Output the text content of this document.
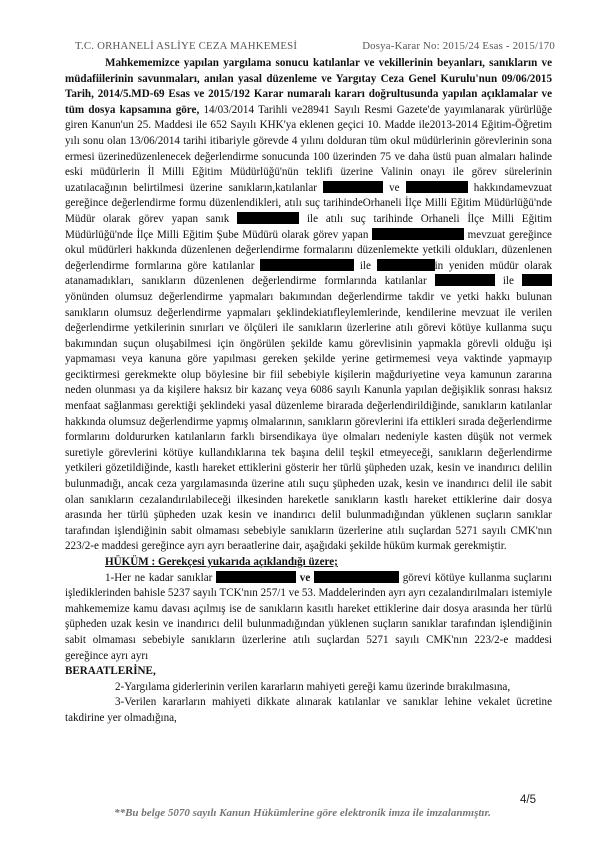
T.C. ORHANELİ ASLİYE CEZA MAHKEMESİ	Dosya-Karar No: 2015/24 Esas - 2015/170

Mahkememizce yapılan yargılama sonucu katılanlar ve vekillerinin beyanları, sanıkların ve müdafiilerinin savunmaları, anılan yasal düzenleme ve Yargıtay Ceza Genel Kurulu'nun 09/06/2015 Tarih, 2014/5.MD-69 Esas ve 2015/192 Karar numaralı kararı doğrultusunda yapılan açıklamalar ve tüm dosya kapsamına göre, 14/03/2014 Tarihli ve28941 Sayılı Resmi Gazete'de yayımlanarak yürürlüğe giren Kanun'un 25. Maddesi ile 652 Sayılı KHK'ya eklenen geçici 10. Madde ile2013-2014 Eğitim-Öğretim yılı sonu olan 13/06/2014 tarihi itibariyle görevde 4 yılını dolduran tüm okul müdürlerinin görevlerinin sona ermesi üzerinedüzenlenecek değerlendirme sonucunda 100 üzerinden 75 ve daha üstü puan almaları halinde eski müdürlerin İl Milli Eğitim Müdürlüğü'nün teklifi üzerine Valinin onayı ile görev sürelerinin uzatılacağının belirtilmesi üzerine sanıkların,katılanlar	ve	hakkındamevzuat gereğince değerlendirme formu düzenlendikleri, atılı suç tarihindeOrhaneli İlçe Milli Eğitim Müdürlüğü'nde Müdür olarak görev yapan sanık	ile atılı suç tarihinde Orhaneli İlçe Milli Eğitim Müdürlüğü'nde İlçe Milli Eğitim Şube Müdürü olarak görev yapan	mevzuat gereğince okul müdürleri hakkında düzenlenen değerlendirme formalarını düzenlemekte yetkili oldukları, düzenlenen değerlendirme formlarına göre katılanlar	ile	in yeniden müdür olarak atanamadıkları, sanıkların düzenlenen değerlendirme formlarında katılanlar	ile  yönünden olumsuz değerlendirme yapmaları bakımından değerlendirme takdir ve yetki hakkı bulunan sanıkların olumsuz değerlendirme yapmaları şeklindekiatıfleylemlerinde, kendilerine mevzuat ile verilen değerlendirme yetkilerinin sınırları ve ölçüleri ile sanıkların üzerlerine atılı görevi kötüye kullanma suçu bakımından suçun oluşabilmesi için öngörülen şekilde kamu görevlisinin yapmakla görevli olduğu işi yapmaması veya kanuna göre yapılması gereken şekilde yerine getirmemesi veya vaktinde yapmayıp geciktirmesi gerekmekte olup böylesine bir fiil sebebiyle kişilerin mağduriyetine veya kamunun zararına neden olunması ya da kişilere haksız bir kazanç veya 6086 sayılı Kanunla yapılan değişiklik sonrası haksız menfaat sağlanması gerektiği şeklindeki yasal düzenleme birarada değerlendirildiğinde, sanıkların katılanlar hakkında olumsuz değerlendirme yapmış olmalarının, sanıkların görevlerini ifa ettikleri sırada değerlendirme formlarını doldururken katılanların farklı birsendikaya üye olmaları nedeniyle kasten düşük not vermek suretiyle görevlerini kötüye kullandıklarına tek başına delil teşkil etmeyeceği, sanıkların değerlendirme yetkileri gözetildiğinde, kastlı hareket ettiklerini gösterir her türlü şüpheden uzak, kesin ve inandırıcı delilin bulunmadığı, ancak ceza yargılamasında üzerine atılı suçu şüpheden uzak, kesin ve inandırıcı delil ile sabit olan sanıkların cezalandırılabileceği ilkesinden hareketle sanıkların kastlı hareket ettiklerine dair dosya arasında her türlü şüpheden uzak kesin ve inandırıcı delil bulunmadığından yüklenen suçların sanıklar tarafından işlendiğinin sabit olmaması sebebiyle sanıkların üzerlerine atılı suçlardan 5271 sayılı CMK'nın 223/2-e maddesi gereğince ayrı ayrı beraatlerine dair, aşağıdaki şekilde hüküm kurmak gerekmiştir.

HÜKÜM : Gerekçesi yukarıda açıklandığı üzere;

1-Her ne kadar sanıklar	ve	görevi kötüye kullanma suçlarını işlediklerinden bahisle 5237 sayılı TCK'nın 257/1 ve 53. Maddelerinden ayrı ayrı cezalandırılmaları istemiyle mahkememize kamu davası açılmış ise de sanıkların kasıtlı hareket ettiklerine dair dosya arasında her türlü şüpheden uzak kesin ve inandırıcı delil bulunmadığından yüklenen suçların sanıklar tarafından işlendiğinin sabit olmaması sebebiyle sanıkların üzerlerine atılı suçlardan 5271 sayılı CMK'nın 223/2-e maddesi gereğince ayrı ayrı
BERAATLERİNE,

2-Yargılama giderlerinin verilen kararların mahiyeti gereği kamu üzerinde bırakılmasına,

3-Verilen kararların mahiyeti dikkate alınarak katılanlar ve sanıklar lehine vekalet ücretine takdirine yer olmadığına,

4/5
**Bu belge 5070 sayılı Kanun Hükümlerine göre elektronik imza ile imzalanmıştır.
